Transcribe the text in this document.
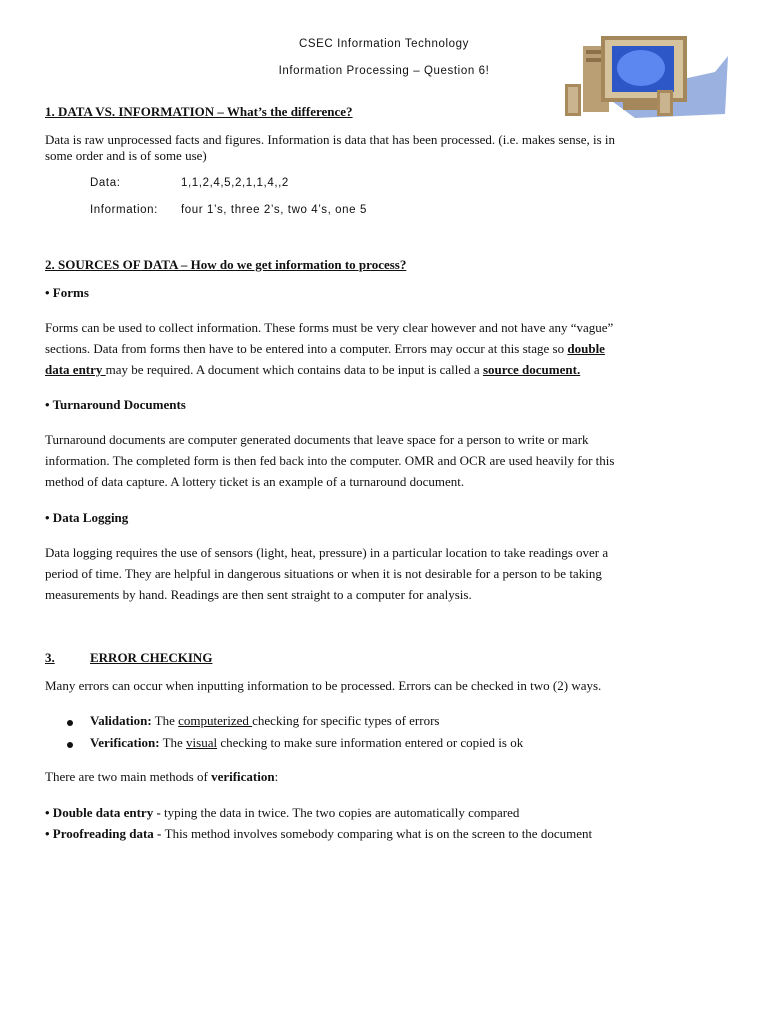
CSEC Information Technology
Information Processing – Question 6!
1. DATA VS. INFORMATION – What’s the difference?
Data is raw unprocessed facts and figures. Information is data that has been processed. (i.e. makes sense, is in
some order and is of some use)
Data:	1,1,2,4,5,2,1,1,4,,2
Information: four 1’s, three 2’s, two 4’s, one 5
2. SOURCES OF DATA – How do we get information to process?
• Forms
Forms can be used to collect information. These forms must be very clear however and not have any “vague”
sections. Data from forms then have to be entered into a computer. Errors may occur at this stage so double
data entry may be required. A document which contains data to be input is called a source document.
• Turnaround Documents
Turnaround documents are computer generated documents that leave space for a person to write or mark
information. The completed form is then fed back into the computer. OMR and OCR are used heavily for this
method of data capture. A lottery ticket is an example of a turnaround document.
• Data Logging
Data logging requires the use of sensors (light, heat, pressure) in a particular location to take readings over a
period of time. They are helpful in dangerous situations or when it is not desirable for a person to be taking
measurements by hand. Readings are then sent straight to a computer for analysis.
3.	ERROR CHECKING
Many errors can occur when inputting information to be processed. Errors can be checked in two (2) ways.
Validation: The computerized checking for specific types of errors
Verification: The visual checking to make sure information entered or copied is ok
There are two main methods of verification:
• Double data entry - typing the data in twice. The two copies are automatically compared
• Proofreading data - This method involves somebody comparing what is on the screen to the document
